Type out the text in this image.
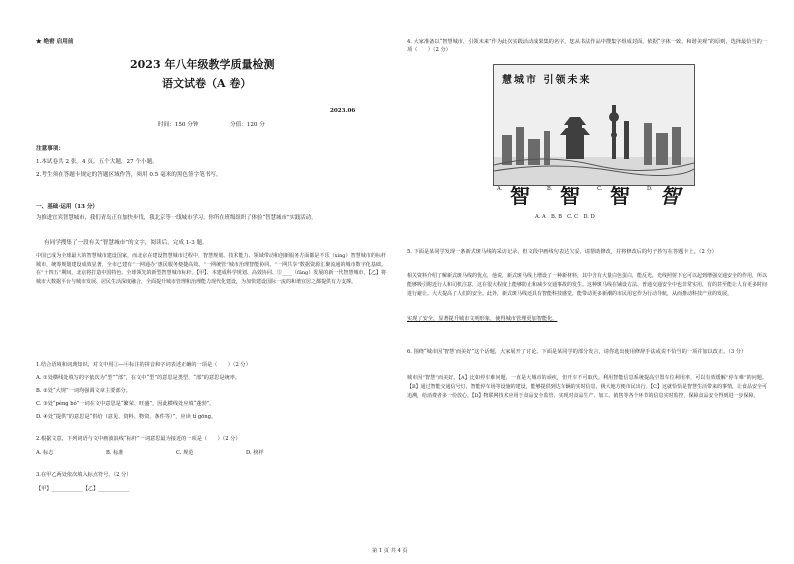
★ 绝密 启用前
2023 年八年级教学质量检测
语文试卷（A 卷）
2023.06
时间：150 分钟	分值：120 分
注意事项：
1.本试卷共 2 张。4 页。五个大题，27 个小题。
2.考生须在答题卡规定的答题区域作答，须用 0.5 毫米的黑色签字笔书写。
一、基础·运用（13 分）
为推进宜宾智慧城市，我们青岛正在加快步伐，我北京等一线城市学习。你所在班级组织了体验“智慧城市”实践活动。
有同学搜集了一段有关“智慧城市”的文字，阅读后，完成 1-3 题。
中国已成为全球最大的智慧城市建设国家，而北京在建设智慧城市过程中，智慧规划、技术能力、领域带动和创新服务方面都是不乐（xíng）智慧城市的标杆城市，统筹规划建设成效显著，全市已建有“一网通办”惠民服务便捷高效、“一网统管”城市治理智能协同、“一网共享”数据资源汇聚流通的城市数字化基础。在“十四五”期间，北京将打造中国特色、全球领先的新型智慧城市标杆。【甲】、本建成科学规划、高效协同、③____（fāng）发展的新一代智慧城市，【乙】将城市大数据平台与城市发展、居民生活深度融合，全面提升城市管理和治理能力现代化建设，为加快建设国际一流的和谐宜居之都提供有力支撑。
1.结合语境和词典知识，对文中用①—④标注的拼音和字词表述正确的一项是（　　）（2 分）
A. ①处横线处填写的字依次为“型”“部”，在文中“型”的意思是类型，“部”的意思是统率。
B. ②处“大规”一词均强调文章主要部分。
C. ③处“péng bó”一词在文中意思是“繁荣、旺盛”，因此横线处应填“蓬勃”。
D. ④处“提供”的意思是“供给（意见、资料、物资、条件等）”，应读 tí gōng。
2.根据文意，下列词语与文中画波浪线“标杆”一词意思最为接近的一项是（　　）（2 分）
A. 标志	B. 标准	C. 规范	D. 榜样
3.在甲乙两处依次填入标点符号。（2 分）
【甲】____________【乙】____________
4. 大家准备以“智慧城市，引领未来”作为此次实践活动成果集的名字。您从书法作品中搜集字组成封面，依据“字体一致，和谐美观”的原则，选择最恰当的一项（　　）（2 分）
慧城市 引领未来
A. 智	B. 智	C. 智	D. 智
A. A　B. B　C. C　D. D
5. 下面是某同学发现一条新式斑马线的采访记录，但文段中画线句表达欠妥，请帮助修改，并将修改后的句子抄写在答题卡上。（2 分）
相关资料介绍了解新式斑马线的优点，他说，新式斑马线上增设了一种新材料，其中含有大量白色蛋白，能反光，光线照射下它可以起到增强交通安全的作用，所以能够吸引附近行人和司机注意，这在很大程度上能够防止和减少交通事故的发生。这种斑马线在铺设方法、普通交通安全中也非常实用，有的甚至能让人有更多时间进行避让。大大提高了人们的安全。此外，新式斑马线还具有智能科技感觉，能带动更多新潮的市民用它作为行动导航，从而推动科技产业的发展。
实现了安全，显著提升城市文明形象，使得城市管理更加智能化。
6. 围绕“城市因‘智慧’而美好”这个话题，大家展开了讨论。下面是某同学的部分发言，请你选出使用修辞手法或说不恰当的一项并加以改正。（3 分）
城市因“智慧”而美好。【A】比如停车难问题，一直是大城市的顽疾，但开车不可取代。利用智能信息系统提高空置车位利用率，可以有效缓解“停车难”的问题。【B】通过智能交通信号灯、智能停车场等设施的建设，能够提供到达车辆的实时信息，极大地方便市民出行。【C】这就恰恰是智慧生活带来的事情，让食品安全可追溯，给消费者多一份放心。【D】物联网技术应用于食品安全监管，实现对食品生产、加工、销售等各个环节的信息实时监控，保障食品安全得到进一步保障。
第 1 页 共 4 页
